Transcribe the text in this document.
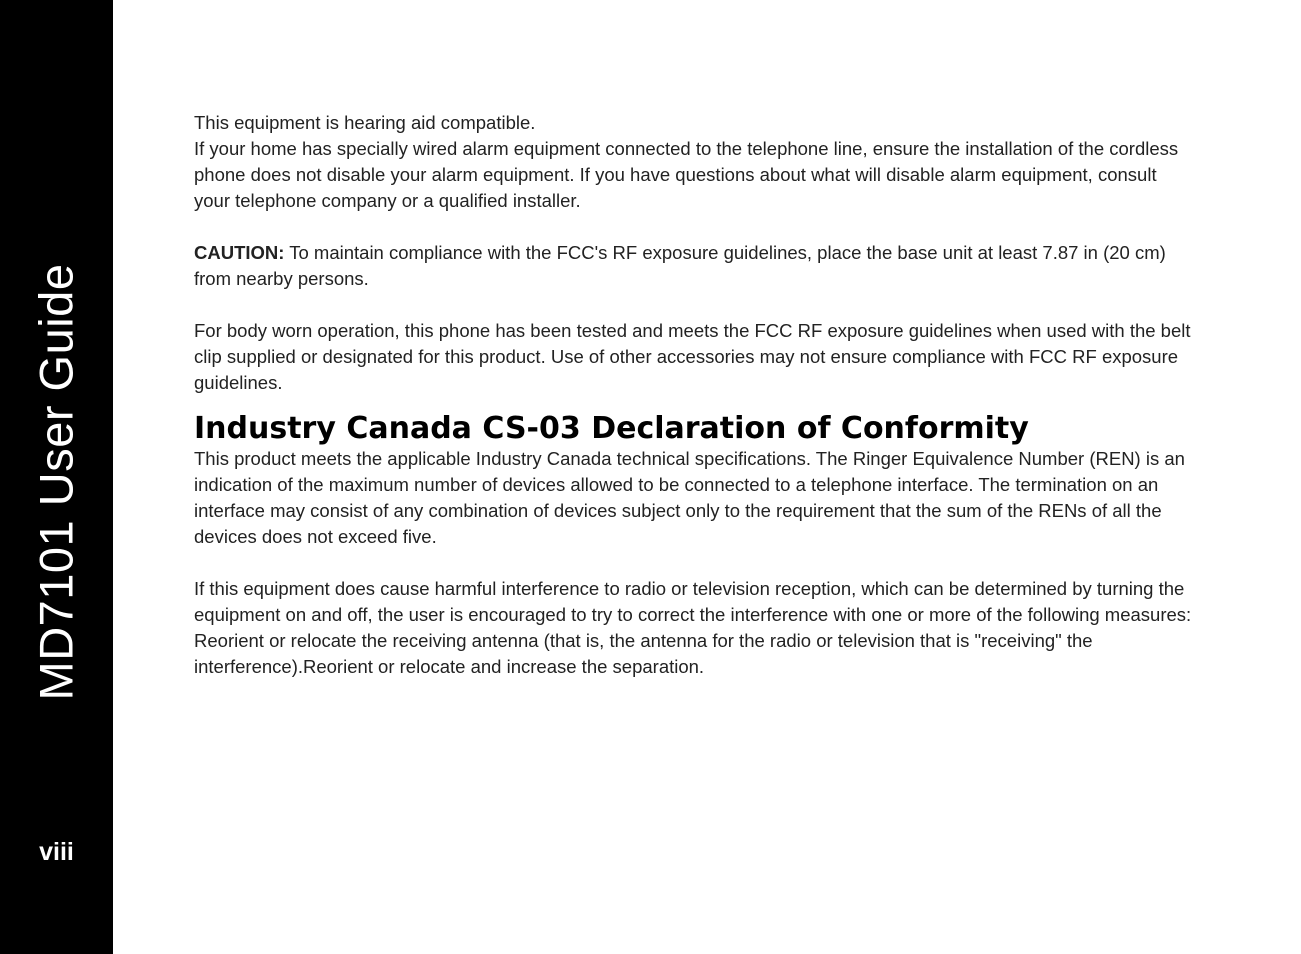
MD7101 User Guide
viii

This equipment is hearing aid compatible.

If your home has specially wired alarm equipment connected to the telephone line, ensure the installation of the cordless phone does not disable your alarm equipment. If you have questions about what will disable alarm equipment, consult your telephone company or a qualified installer.

CAUTION: To maintain compliance with the FCC's RF exposure guidelines, place the base unit at least 7.87 in (20 cm) from nearby persons.

For body worn operation, this phone has been tested and meets the FCC RF exposure guidelines when used with the belt clip supplied or designated for this product. Use of other accessories may not ensure compliance with FCC RF exposure guidelines.

Industry Canada CS-03 Declaration of Conformity

This product meets the applicable Industry Canada technical specifications. The Ringer Equivalence Number (REN) is an indication of the maximum number of devices allowed to be connected to a telephone interface. The termination on an interface may consist of any combination of devices subject only to the requirement that the sum of the RENs of all the devices does not exceed five.

If this equipment does cause harmful interference to radio or television reception, which can be determined by turning the equipment on and off, the user is encouraged to try to correct the interference with one or more of the following measures: Reorient or relocate the receiving antenna (that is, the antenna for the radio or television that is "receiving" the interference).Reorient or relocate and increase the separation.
